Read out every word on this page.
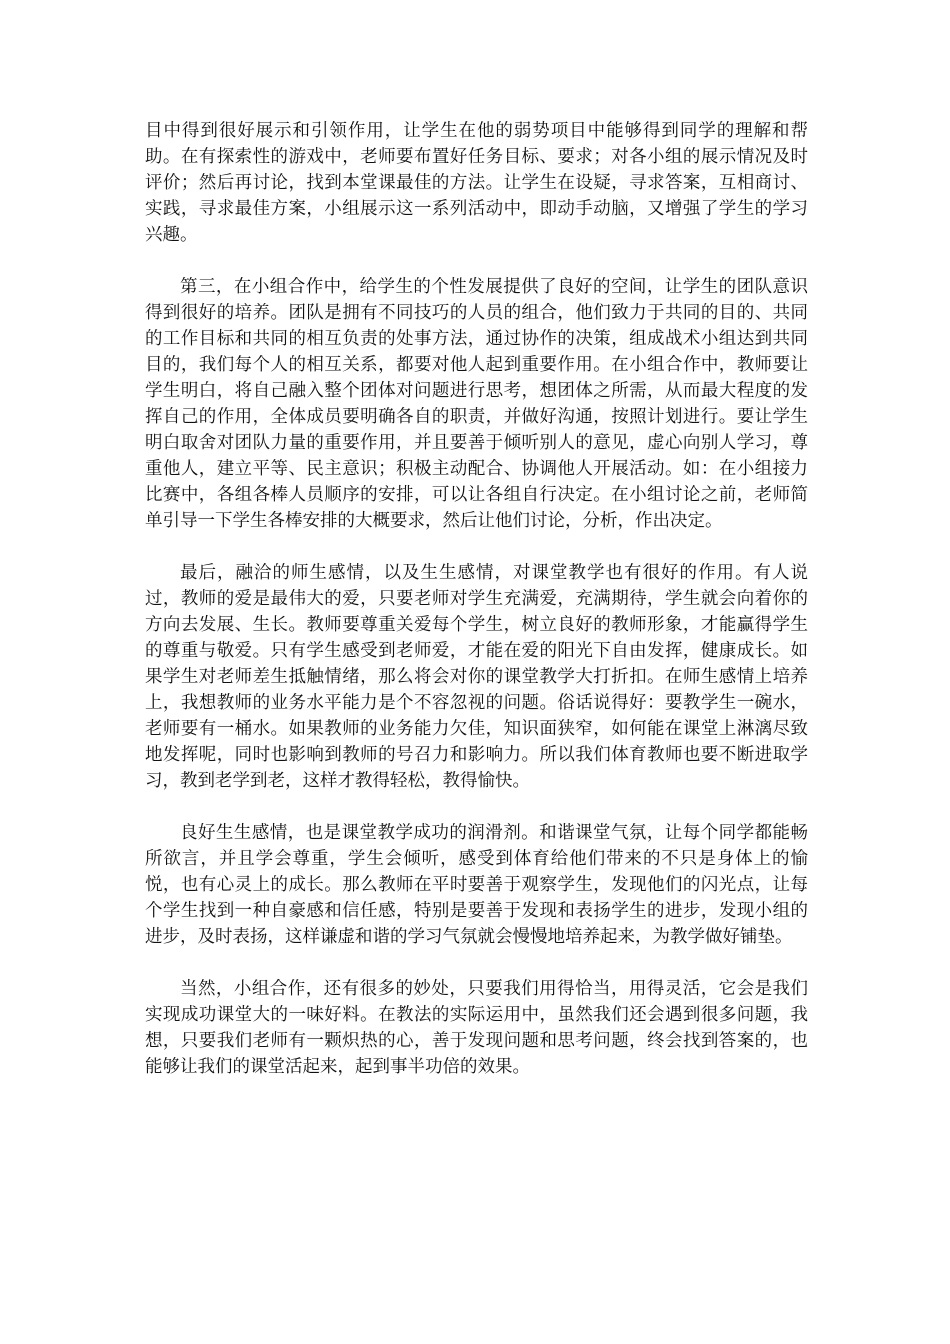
目中得到很好展示和引领作用，让学生在他的弱势项目中能够得到同学的理解和帮助。在有探索性的游戏中，老师要布置好任务目标、要求；对各小组的展示情况及时评价；然后再讨论，找到本堂课最佳的方法。让学生在设疑，寻求答案，互相商讨、实践，寻求最佳方案，小组展示这一系列活动中，即动手动脑，又增强了学生的学习兴趣。

第三，在小组合作中，给学生的个性发展提供了良好的空间，让学生的团队意识得到很好的培养。团队是拥有不同技巧的人员的组合，他们致力于共同的目的、共同的工作目标和共同的相互负责的处事方法，通过协作的决策，组成战术小组达到共同目的，我们每个人的相互关系，都要对他人起到重要作用。在小组合作中，教师要让学生明白，将自己融入整个团体对问题进行思考，想团体之所需，从而最大程度的发挥自己的作用，全体成员要明确各自的职责，并做好沟通，按照计划进行。要让学生明白取舍对团队力量的重要作用，并且要善于倾听别人的意见，虚心向别人学习，尊重他人，建立平等、民主意识；积极主动配合、协调他人开展活动。如：在小组接力比赛中，各组各棒人员顺序的安排，可以让各组自行决定。在小组讨论之前，老师简单引导一下学生各棒安排的大概要求，然后让他们讨论，分析，作出决定。

最后，融洽的师生感情，以及生生感情，对课堂教学也有很好的作用。有人说过，教师的爱是最伟大的爱，只要老师对学生充满爱，充满期待，学生就会向着你的方向去发展、生长。教师要尊重关爱每个学生，树立良好的教师形象，才能赢得学生的尊重与敬爱。只有学生感受到老师爱，才能在爱的阳光下自由发挥，健康成长。如果学生对老师差生抵触情绪，那么将会对你的课堂教学大打折扣。在师生感情上培养上，我想教师的业务水平能力是个不容忽视的问题。俗话说得好：要教学生一碗水，老师要有一桶水。如果教师的业务能力欠佳，知识面狭窄，如何能在课堂上淋漓尽致地发挥呢，同时也影响到教师的号召力和影响力。所以我们体育教师也要不断进取学习，教到老学到老，这样才教得轻松，教得愉快。

良好生生感情，也是课堂教学成功的润滑剂。和谐课堂气氛，让每个同学都能畅所欲言，并且学会尊重，学生会倾听，感受到体育给他们带来的不只是身体上的愉悦，也有心灵上的成长。那么教师在平时要善于观察学生，发现他们的闪光点，让每个学生找到一种自豪感和信任感，特别是要善于发现和表扬学生的进步，发现小组的进步，及时表扬，这样谦虚和谐的学习气氛就会慢慢地培养起来，为教学做好铺垫。

当然，小组合作，还有很多的妙处，只要我们用得恰当，用得灵活，它会是我们实现成功课堂大的一味好料。在教法的实际运用中，虽然我们还会遇到很多问题，我想，只要我们老师有一颗炽热的心，善于发现问题和思考问题，终会找到答案的，也能够让我们的课堂活起来，起到事半功倍的效果。
